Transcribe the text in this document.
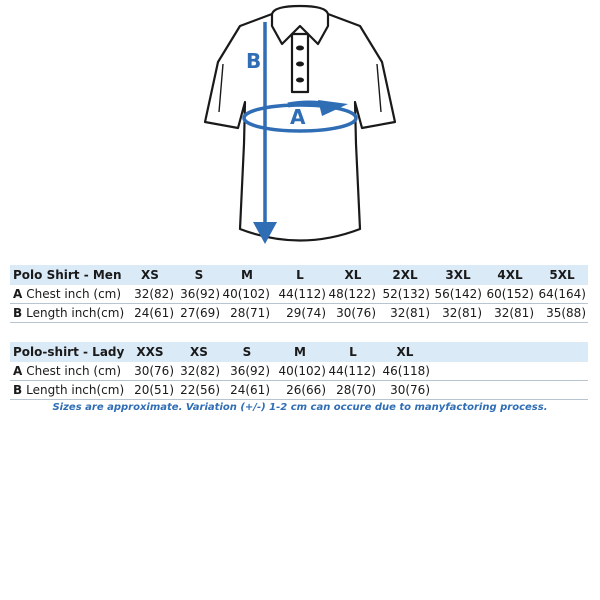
A
B
Polo Shirt - Men	XS	S	M	L	XL	2XL	3XL	4XL	5XL
A Chest inch (cm)	32(82)	36(92)	40(102)	44(112)	48(122)	52(132)	56(142)	60(152)	64(164)
B Length inch(cm)	24(61)	27(69)	28(71)	29(74)	30(76)	32(81)	32(81)	32(81)	35(88)
Polo-shirt - Lady	XXS	XS	S	M	L	XL			
A Chest inch (cm)	30(76)	32(82)	36(92)	40(102)	44(112)	46(118)			
B Length inch(cm)	20(51)	22(56)	24(61)	26(66)	28(70)	30(76)			
Sizes are approximate. Variation (+/-) 1-2 cm can occure due to manyfactoring process.
